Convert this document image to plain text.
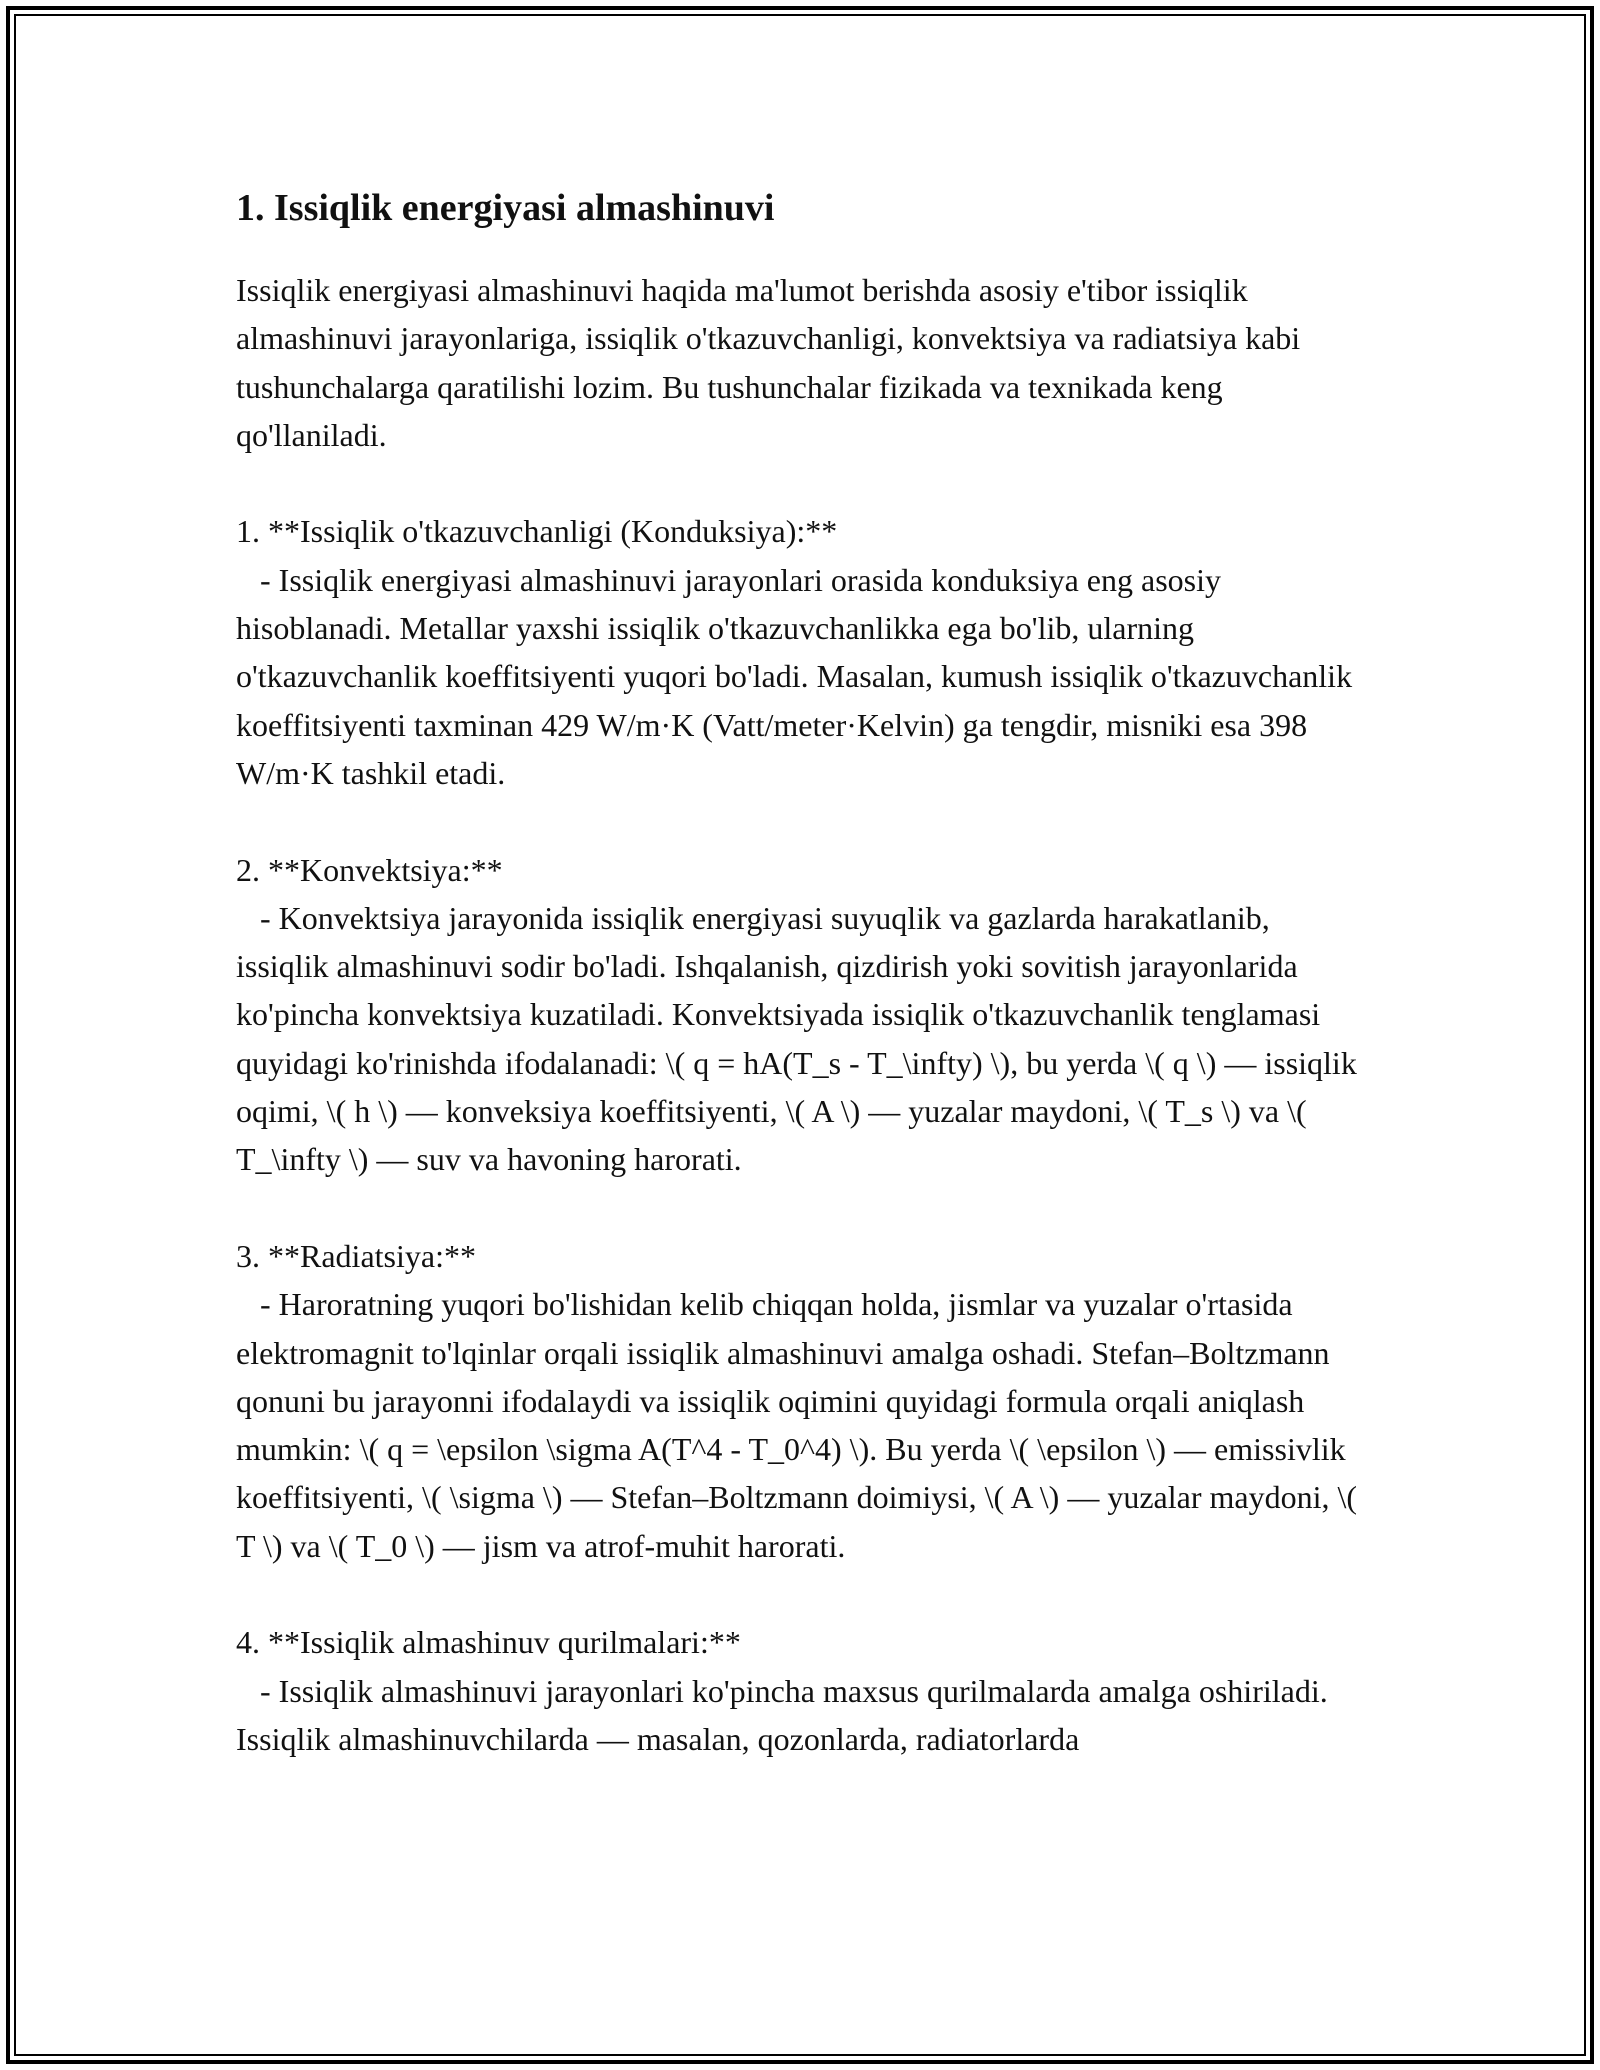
1. Issiqlik energiyasi almashinuvi

Issiqlik energiyasi almashinuvi haqida ma'lumot berishda asosiy e'tibor issiqlik almashinuvi jarayonlariga, issiqlik o'tkazuvchanligi, konvektsiya va radiatsiya kabi tushunchalarga qaratilishi lozim. Bu tushunchalar fizikada va texnikada keng qo'llaniladi.

1. **Issiqlik o'tkazuvchanligi (Konduksiya):**

- Issiqlik energiyasi almashinuvi jarayonlari orasida konduksiya eng asosiy hisoblanadi. Metallar yaxshi issiqlik o'tkazuvchanlikka ega bo'lib, ularning o'tkazuvchanlik koeffitsiyenti yuqori bo'ladi. Masalan, kumush issiqlik o'tkazuvchanlik koeffitsiyenti taxminan 429 W/m·K (Vatt/meter·Kelvin) ga tengdir, misniki esa 398 W/m·K tashkil etadi.

2. **Konvektsiya:**

- Konvektsiya jarayonida issiqlik energiyasi suyuqlik va gazlarda harakatlanib, issiqlik almashinuvi sodir bo'ladi. Ishqalanish, qizdirish yoki sovitish jarayonlarida ko'pincha konvektsiya kuzatiladi. Konvektsiyada issiqlik o'tkazuvchanlik tenglamasi quyidagi ko'rinishda ifodalanadi: \( q = hA(T_s - T_\infty) \), bu yerda \( q \) — issiqlik oqimi, \( h \) — konveksiya koeffitsiyenti, \( A \) — yuzalar maydoni, \( T_s \) va \( T_\infty \) — suv va havoning harorati.

3. **Radiatsiya:**

- Haroratning yuqori bo'lishidan kelib chiqqan holda, jismlar va yuzalar o'rtasida elektromagnit to'lqinlar orqali issiqlik almashinuvi amalga oshadi. Stefan–Boltzmann qonuni bu jarayonni ifodalaydi va issiqlik oqimini quyidagi formula orqali aniqlash mumkin: \( q = \epsilon \sigma A(T^4 - T_0^4) \). Bu yerda \( \epsilon \) — emissivlik koeffitsiyenti, \( \sigma \) — Stefan–Boltzmann doimiysi, \( A \) — yuzalar maydoni, \( T \) va \( T_0 \) — jism va atrof-muhit harorati.

4. **Issiqlik almashinuv qurilmalari:**

- Issiqlik almashinuvi jarayonlari ko'pincha maxsus qurilmalarda amalga oshiriladi. Issiqlik almashinuvchilarda — masalan, qozonlarda, radiatorlarda
